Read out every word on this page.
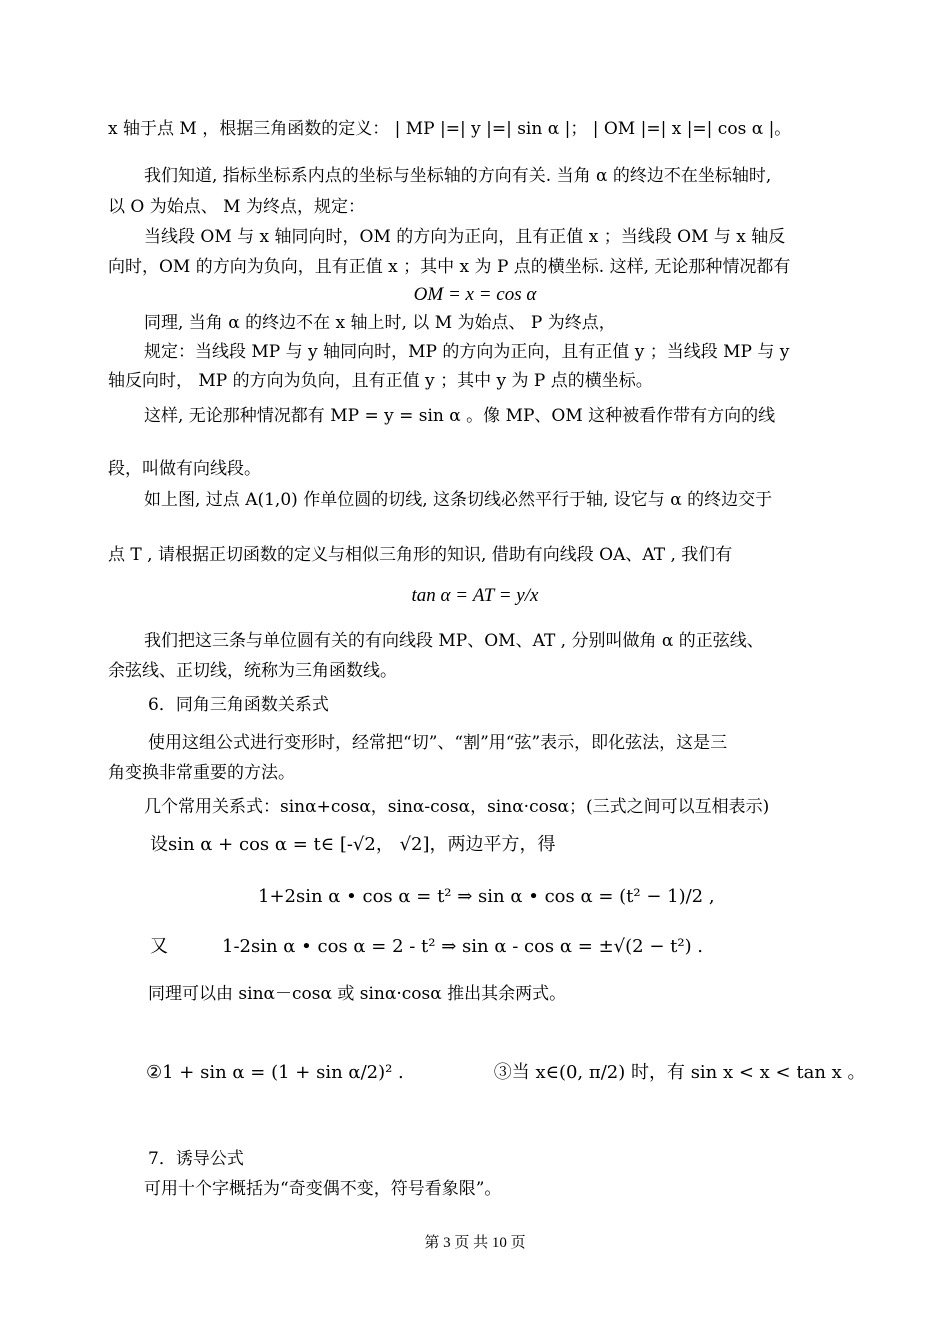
x 轴于点 M ，根据三角函数的定义： | MP |=| y |=| sin α |； | OM |=| x |=| cos α |。
我们知道, 指标坐标系内点的坐标与坐标轴的方向有关. 当角 α 的终边不在坐标轴时,
以 O 为始点、 M 为终点，规定：
当线段 OM 与 x 轴同向时，OM 的方向为正向，且有正值 x ；当线段 OM 与 x 轴反
向时，OM 的方向为负向，且有正值 x ；其中 x 为 P 点的横坐标. 这样, 无论那种情况都有
OM = x = cos α
同理, 当角 α 的终边不在 x 轴上时, 以 M 为始点、 P 为终点，
规定：当线段 MP 与 y 轴同向时，MP 的方向为正向，且有正值 y ；当线段 MP 与 y
轴反向时， MP 的方向为负向，且有正值 y ；其中 y 为 P 点的横坐标。
这样, 无论那种情况都有 MP = y = sin α 。像 MP、OM 这种被看作带有方向的线
段，叫做有向线段。
如上图, 过点 A(1,0) 作单位圆的切线, 这条切线必然平行于轴, 设它与 α 的终边交于
点 T , 请根据正切函数的定义与相似三角形的知识, 借助有向线段 OA、AT , 我们有
tan α = AT = y/x
我们把这三条与单位圆有关的有向线段 MP、OM、AT , 分别叫做角 α 的正弦线、
余弦线、正切线，统称为三角函数线。
6．同角三角函数关系式
使用这组公式进行变形时，经常把“切”、“割”用“弦”表示，即化弦法，这是三
角变换非常重要的方法。
几个常用关系式：sinα+cosα，sinα-cosα，sinα·cosα；(三式之间可以互相表示)
设sin α + cos α = t∈ [-√2， √2]，两边平方，得
1+2sin α • cos α = t² ⇒ sin α • cos α = (t² − 1)/2 ,
又　　　1-2sin α • cos α = 2 - t² ⇒ sin α - cos α = ±√(2 − t²) .
同理可以由 sinα－cosα 或 sinα·cosα 推出其余两式。
②1 + sin α = (1 + sin α/2)² .　　　　　③当 x∈(0, π/2) 时，有 sin x < x < tan x 。
7．诱导公式
可用十个字概括为“奇变偶不变，符号看象限”。
第 3 页 共 10 页
